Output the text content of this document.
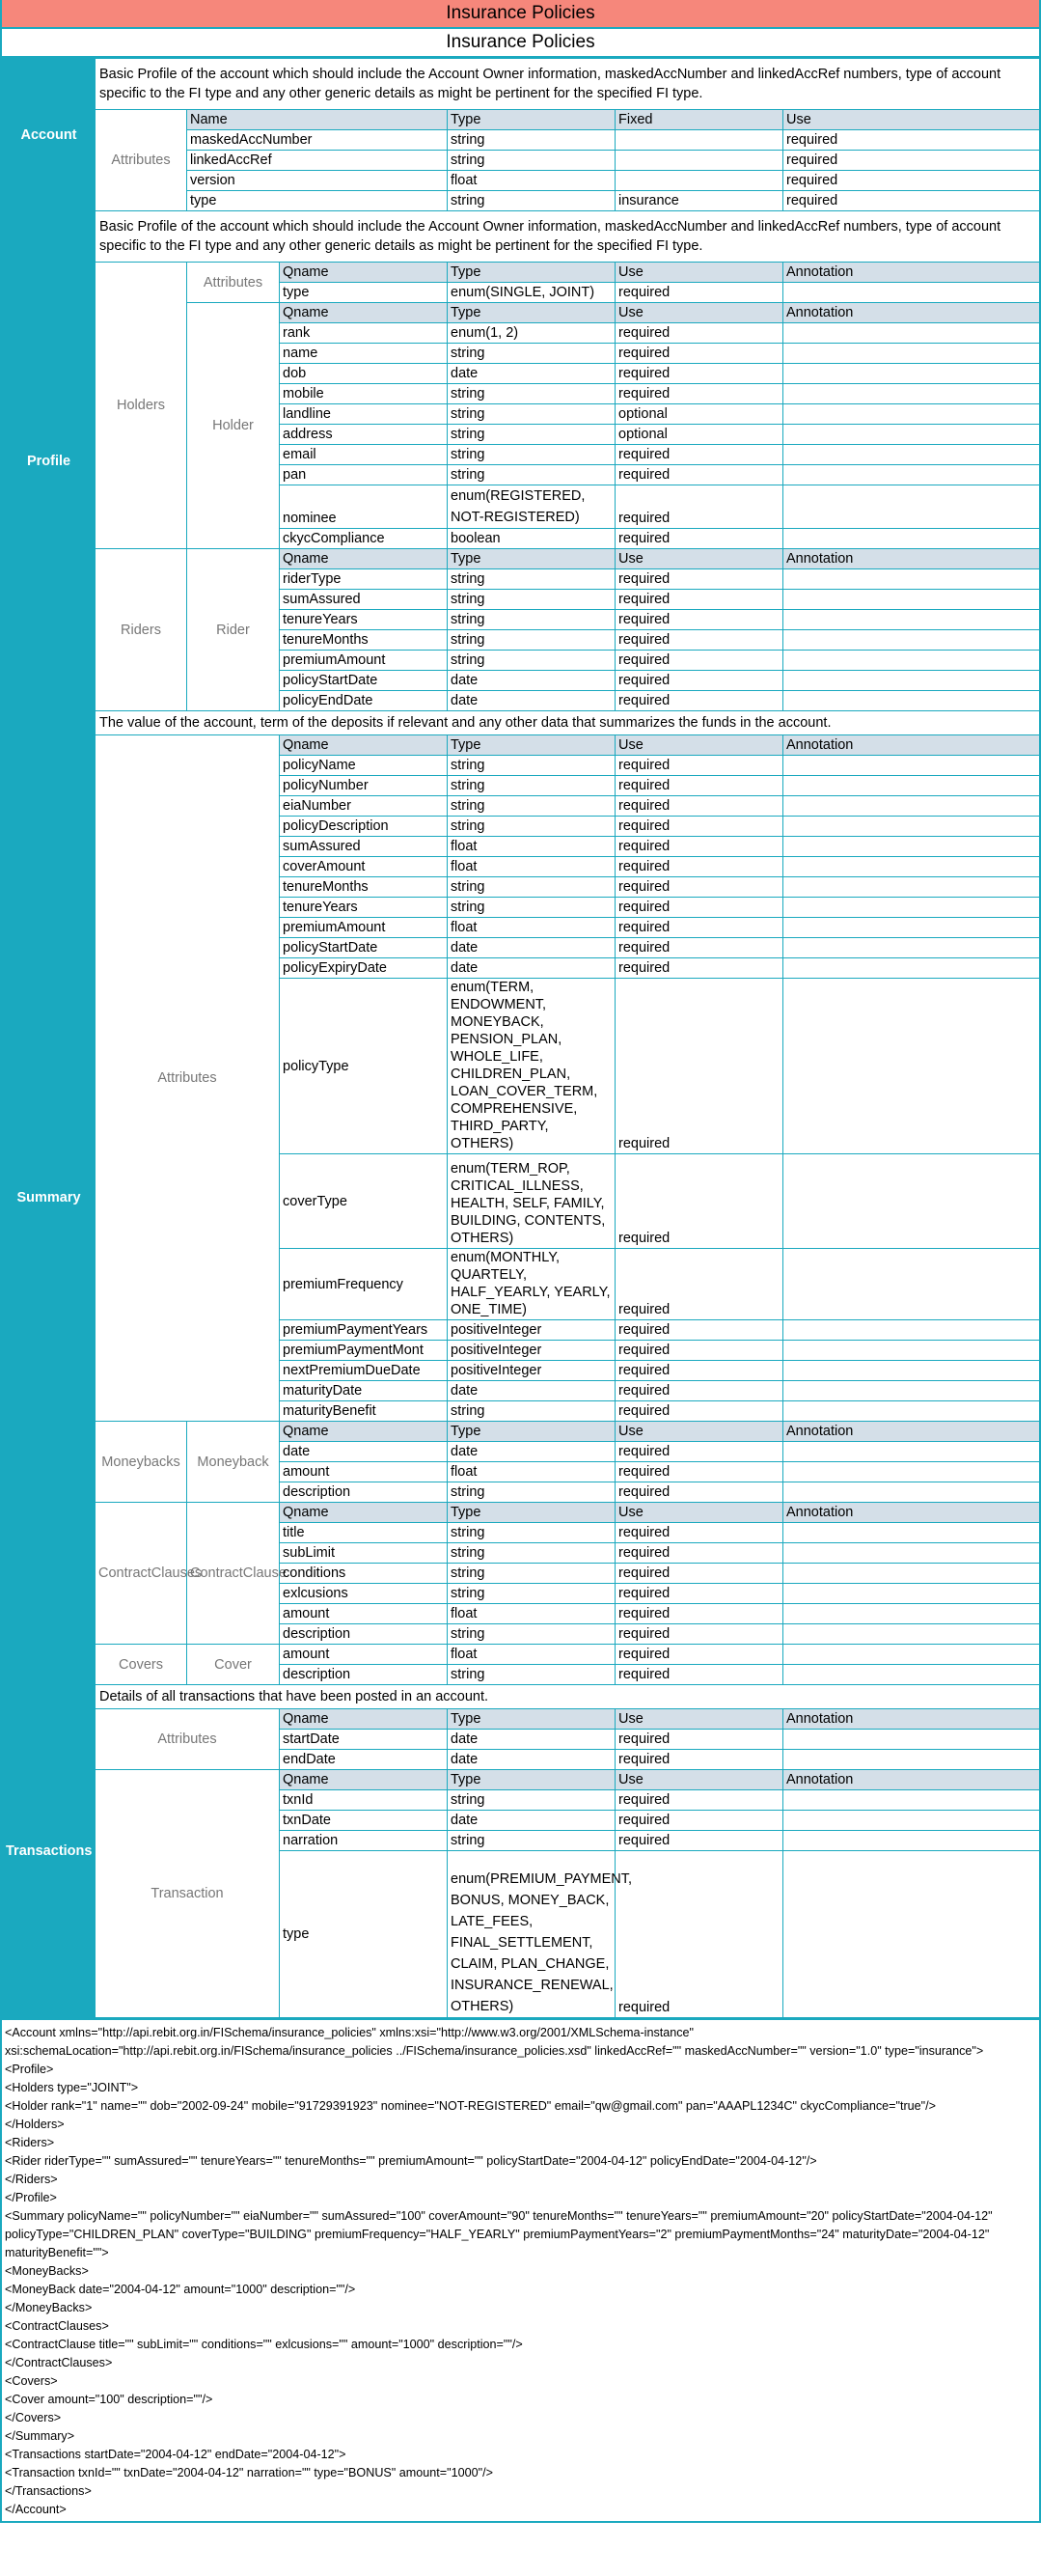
Insurance Policies
Insurance Policies
Account	Basic Profile of the account which should include the Account Owner information, maskedAccNumber and linkedAccRef numbers, type of account specific to the FI type and any other generic details as might be pertinent for the specified FI type.						
	Attributes	Name		Type	Fixed	Use	
		maskedAccNumber		string		required	
		linkedAccRef		string		required	
		version		float		required	
		type		string	insurance	required	
Profile	Basic Profile of the account which should include the Account Owner information, maskedAccNumber and linkedAccRef numbers, type of account specific to the FI type and any other generic details as might be pertinent for the specified FI type.						
	Holders	Attributes	Qname	Type	Use	Annotation	
			type	enum(SINGLE, JOINT)	required		
		Holder	Qname	Type	Use	Annotation	
			rank	enum(1, 2)	required		
			name	string	required		
			dob	date	required		
			mobile	string	required		
			landline	string	optional		
			address	string	optional		
			email	string	required		
			pan	string	required		
			nominee	enum(REGISTERED, NOT-REGISTERED)	required		
			ckycCompliance	boolean	required		
	Riders	Rider	Qname	Type	Use	Annotation	
			riderType	string	required		
			sumAssured	string	required		
			tenureYears	string	required		
			tenureMonths	string	required		
			premiumAmount	string	required		
			policyStartDate	date	required		
			policyEndDate	date	required		
Summary	The value of the account, term of the deposits if relevant and any other data that summarizes the funds in the account.						
	Attributes		Qname	Type	Use	Annotation	
			policyName	string	required		
			policyNumber	string	required		
			eiaNumber	string	required		
			policyDescription	string	required		
			sumAssured	float	required		
			coverAmount	float	required		
			tenureMonths	string	required		
			tenureYears	string	required		
			premiumAmount	float	required		
			policyStartDate	date	required		
			policyExpiryDate	date	required		
			policyType	enum(TERM, ENDOWMENT, MONEYBACK, PENSION_PLAN, WHOLE_LIFE, CHILDREN_PLAN, LOAN_COVER_TERM, COMPREHENSIVE, THIRD_PARTY, OTHERS)	required		
			coverType	enum(TERM_ROP, CRITICAL_ILLNESS, HEALTH, SELF, FAMILY, BUILDING, CONTENTS, OTHERS)	required		
			premiumFrequency	enum(MONTHLY, QUARTELY, HALF_YEARLY, YEARLY, ONE_TIME)	required		
			premiumPaymentYears	positiveInteger	required		
			premiumPaymentMont	positiveInteger	required		
			nextPremiumDueDate	positiveInteger	required		
			maturityDate	date	required		
			maturityBenefit	string	required		
	Moneybacks	Moneyback	Qname	Type	Use	Annotation	
			date	date	required		
			amount	float	required		
			description	string	required		
	ContractClauses	ContractClause	Qname	Type	Use	Annotation	
			title	string	required		
			subLimit	string	required		
			conditions	string	required		
			exlcusions	string	required		
			amount	float	required		
			description	string	required		
	Covers	Cover	amount	float	required		
			description	string	required		
Transactions	Details of all transactions that have been posted in an account.						
	Attributes		Qname	Type	Use	Annotation	
			startDate	date	required		
			endDate	date	required		
	Transaction		Qname	Type	Use	Annotation	
			txnId	string	required		
			txnDate	date	required		
			narration	string	required		
			type	enum(PREMIUM_PAYMENT, BONUS, MONEY_BACK, LATE_FEES, FINAL_SETTLEMENT, CLAIM, PLAN_CHANGE, INSURANCE_RENEWAL, OTHERS)	required		
<Account xmlns="http://api.rebit.org.in/FISchema/insurance_policies" xmlns:xsi="http://www.w3.org/2001/XMLSchema-instance" xsi:schemaLocation="http://api.rebit.org.in/FISchema/insurance_policies ../FISchema/insurance_policies.xsd" linkedAccRef="" maskedAccNumber="" version="1.0" type="insurance">
<Profile>
<Holders type="JOINT">
<Holder rank="1" name="" dob="2002-09-24" mobile="91729391923" nominee="NOT-REGISTERED" email="qw@gmail.com" pan="AAAPL1234C" ckycCompliance="true"/>
</Holders>
<Riders>
<Rider riderType="" sumAssured="" tenureYears="" tenureMonths="" premiumAmount="" policyStartDate="2004-04-12" policyEndDate="2004-04-12"/>
</Riders>
</Profile>
<Summary policyName="" policyNumber="" eiaNumber="" sumAssured="100" coverAmount="90" tenureMonths="" tenureYears="" premiumAmount="20" policyStartDate="2004-04-12" policyType="CHILDREN_PLAN" coverType="BUILDING" premiumFrequency="HALF_YEARLY" premiumPaymentYears="2" premiumPaymentMonths="24" maturityDate="2004-04-12" maturityBenefit="">
<MoneyBacks>
<MoneyBack date="2004-04-12" amount="1000" description=""/>
</MoneyBacks>
<ContractClauses>
<ContractClause title="" subLimit="" conditions="" exlcusions="" amount="1000" description=""/>
</ContractClauses>
<Covers>
<Cover amount="100" description=""/>
</Covers>
</Summary>
<Transactions startDate="2004-04-12" endDate="2004-04-12">
<Transaction txnId="" txnDate="2004-04-12" narration="" type="BONUS" amount="1000"/>
</Transactions>
</Account>
